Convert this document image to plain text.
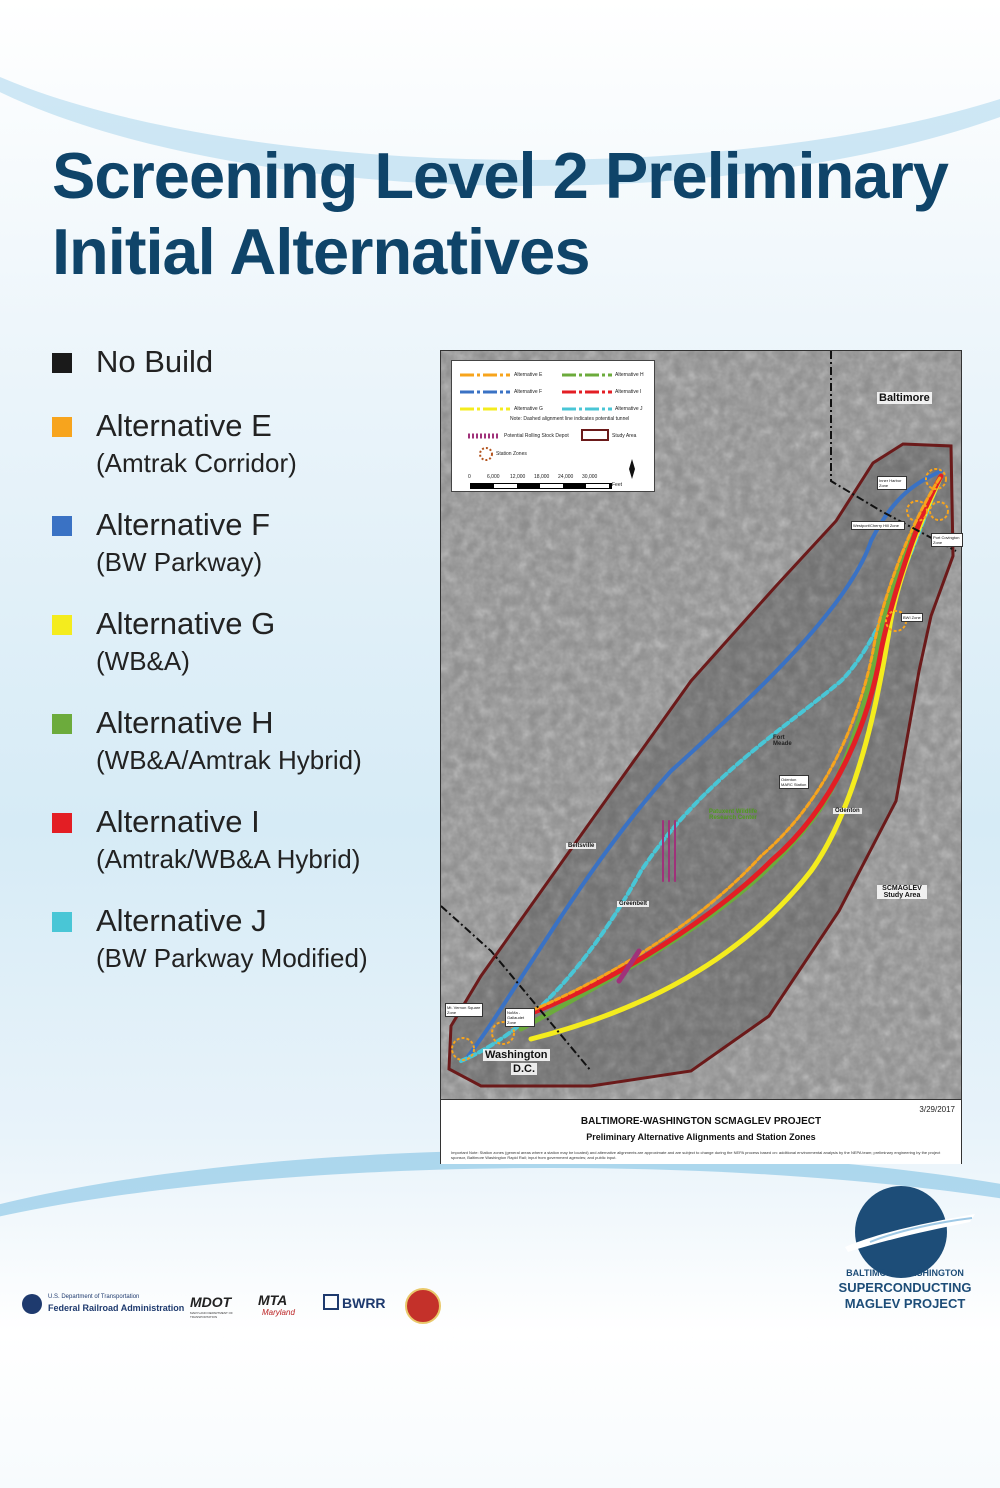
Screening Level 2 Preliminary Initial Alternatives
No Build
Alternative E
(Amtrak Corridor)
Alternative F
(BW Parkway)
Alternative G
(WB&A)
Alternative H
(WB&A/Amtrak Hybrid)
Alternative I
(Amtrak/WB&A Hybrid)
Alternative J
(BW Parkway Modified)
Alternative E
Alternative F
Alternative G
Alternative H
Alternative I
Alternative J
Note: Dashed alignment line indicates potential tunnel
Potential Rolling Stock Depot	Study Area
Station Zones
0	6,000 12,000 18,000 24,000 30,000
Feet
Baltimore
Washington
D.C.
Fort Meade
Odenton
Beltsville
Greenbelt
Patuxent Wildlife Research Center
SCMAGLEV Study Area
Inner Harbor Zone
Westport/Cherry Hill Zone
Port Covington Zone
BWI Zone
Mt. Vernon Square Zone	NoMa - Gallaudet Zone
Odenton MARC Station
3/29/2017
BALTIMORE-WASHINGTON SCMAGLEV PROJECT
Preliminary Alternative Alignments and Station Zones
Important Note: Station zones (general areas where a station may be located) and alternative alignments are approximate and are subject to change during the NEPA process based on: additional environmental analysis by the NEPA team; preliminary engineering by the project sponsor, Baltimore Washington Rapid Rail; input from government agencies; and public input.
BALTIMORE-WASHINGTON
SUPERCONDUCTING
MAGLEV PROJECT
U.S. Department of Transportation
Federal Railroad Administration MDOT
MARYLAND DEPARTMENT OF TRANSPORTATION
MTA
Maryland
BWRR
